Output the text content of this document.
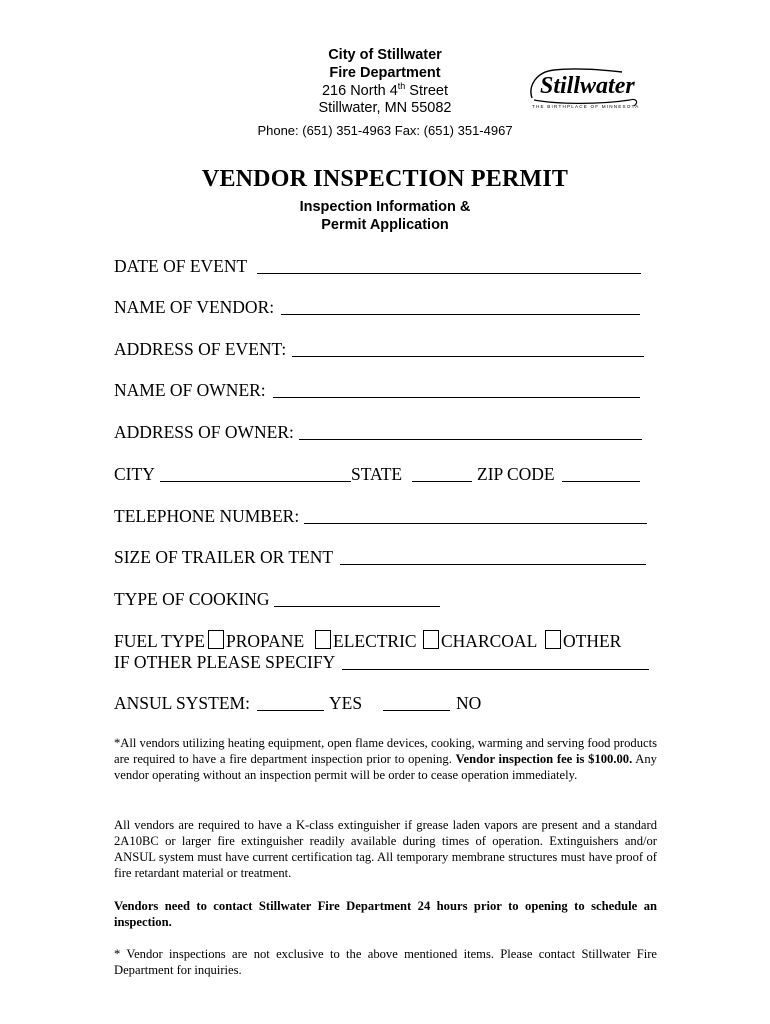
City of Stillwater
Fire Department
216 North 4th Street
Stillwater, MN 55082
Phone: (651) 351-4963 Fax: (651) 351-4967
Stillwater
THE BIRTHPLACE OF MINNESOTA
VENDOR INSPECTION PERMIT
Inspection Information &
Permit Application
DATE OF EVENT
NAME OF VENDOR:
ADDRESS OF EVENT:
NAME OF OWNER:
ADDRESS OF OWNER:
CITY	STATE	ZIP CODE
TELEPHONE NUMBER:
SIZE OF TRAILER OR TENT
TYPE OF COOKING
FUEL TYPE PROPANE ELECTRIC CHARCOAL OTHER
IF OTHER PLEASE SPECIFY
ANSUL SYSTEM:	YES	NO
*All vendors utilizing heating equipment, open flame devices, cooking, warming and serving food products are required to have a fire department inspection prior to opening. Vendor inspection fee is $100.00. Any vendor operating without an inspection permit will be order to cease operation immediately.
All vendors are required to have a K-class extinguisher if grease laden vapors are present and a standard 2A10BC or larger fire extinguisher readily available during times of operation. Extinguishers and/or ANSUL system must have current certification tag. All temporary membrane structures must have proof of fire retardant material or treatment.
Vendors need to contact Stillwater Fire Department 24 hours prior to opening to schedule an inspection.
* Vendor inspections are not exclusive to the above mentioned items. Please contact Stillwater Fire Department for inquiries.
